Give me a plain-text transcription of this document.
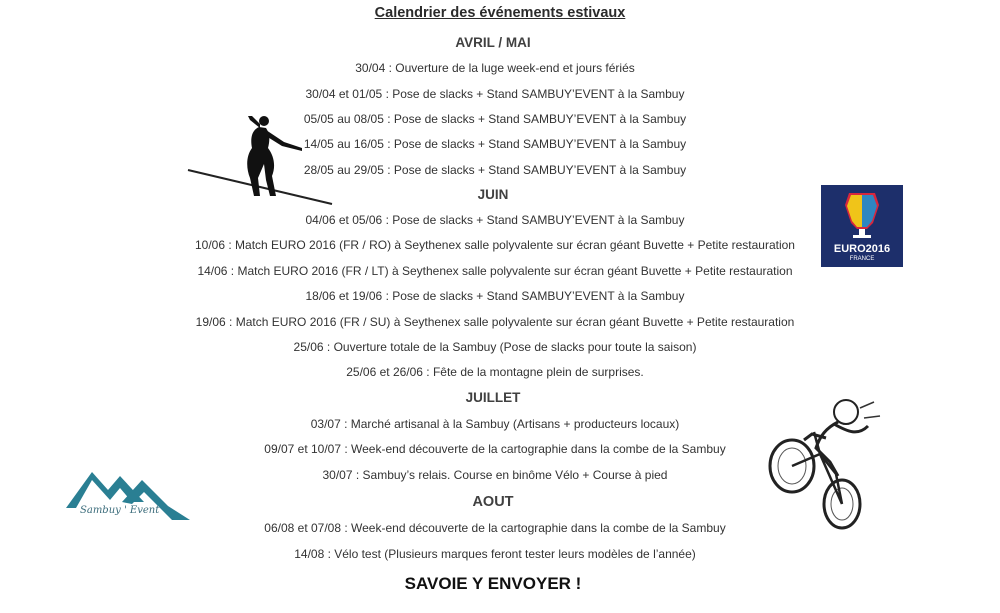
Calendrier des événements estivaux
AVRIL / MAI
30/04 : Ouverture de la luge week-end et jours fériés
30/04 et 01/05 : Pose de slacks + Stand SAMBUY’EVENT à la Sambuy
05/05 au 08/05 : Pose de slacks + Stand SAMBUY’EVENT à la Sambuy
14/05 au 16/05 : Pose de slacks + Stand SAMBUY’EVENT à la Sambuy
28/05 au 29/05 : Pose de slacks + Stand SAMBUY’EVENT à la Sambuy
JUIN
04/06 et 05/06 : Pose de slacks + Stand SAMBUY’EVENT à la Sambuy
10/06 : Match EURO 2016 (FR / RO) à Seythenex salle polyvalente sur écran géant Buvette + Petite restauration
14/06 : Match EURO 2016 (FR / LT) à Seythenex salle polyvalente sur écran géant Buvette + Petite restauration
18/06 et 19/06 : Pose de slacks + Stand SAMBUY’EVENT à la Sambuy
19/06 : Match EURO 2016 (FR / SU) à Seythenex salle polyvalente sur écran géant Buvette + Petite restauration
25/06 : Ouverture totale de la Sambuy (Pose de slacks pour toute la saison)
25/06 et 26/06 : Fête de la montagne plein de surprises.
JUILLET
03/07 : Marché artisanal à la Sambuy (Artisans + producteurs locaux)
09/07 et 10/07 : Week-end découverte de la cartographie dans la combe de la Sambuy
30/07 : Sambuy’s relais. Course en binôme Vélo + Course à pied
AOUT
06/08 et 07/08 : Week-end découverte de la cartographie dans la combe de la Sambuy
14/08 : Vélo test (Plusieurs marques feront tester leurs modèles de l’année)
SAVOIE Y ENVOYER !
EURO2016
FRANCE
Sambuy ' Event
